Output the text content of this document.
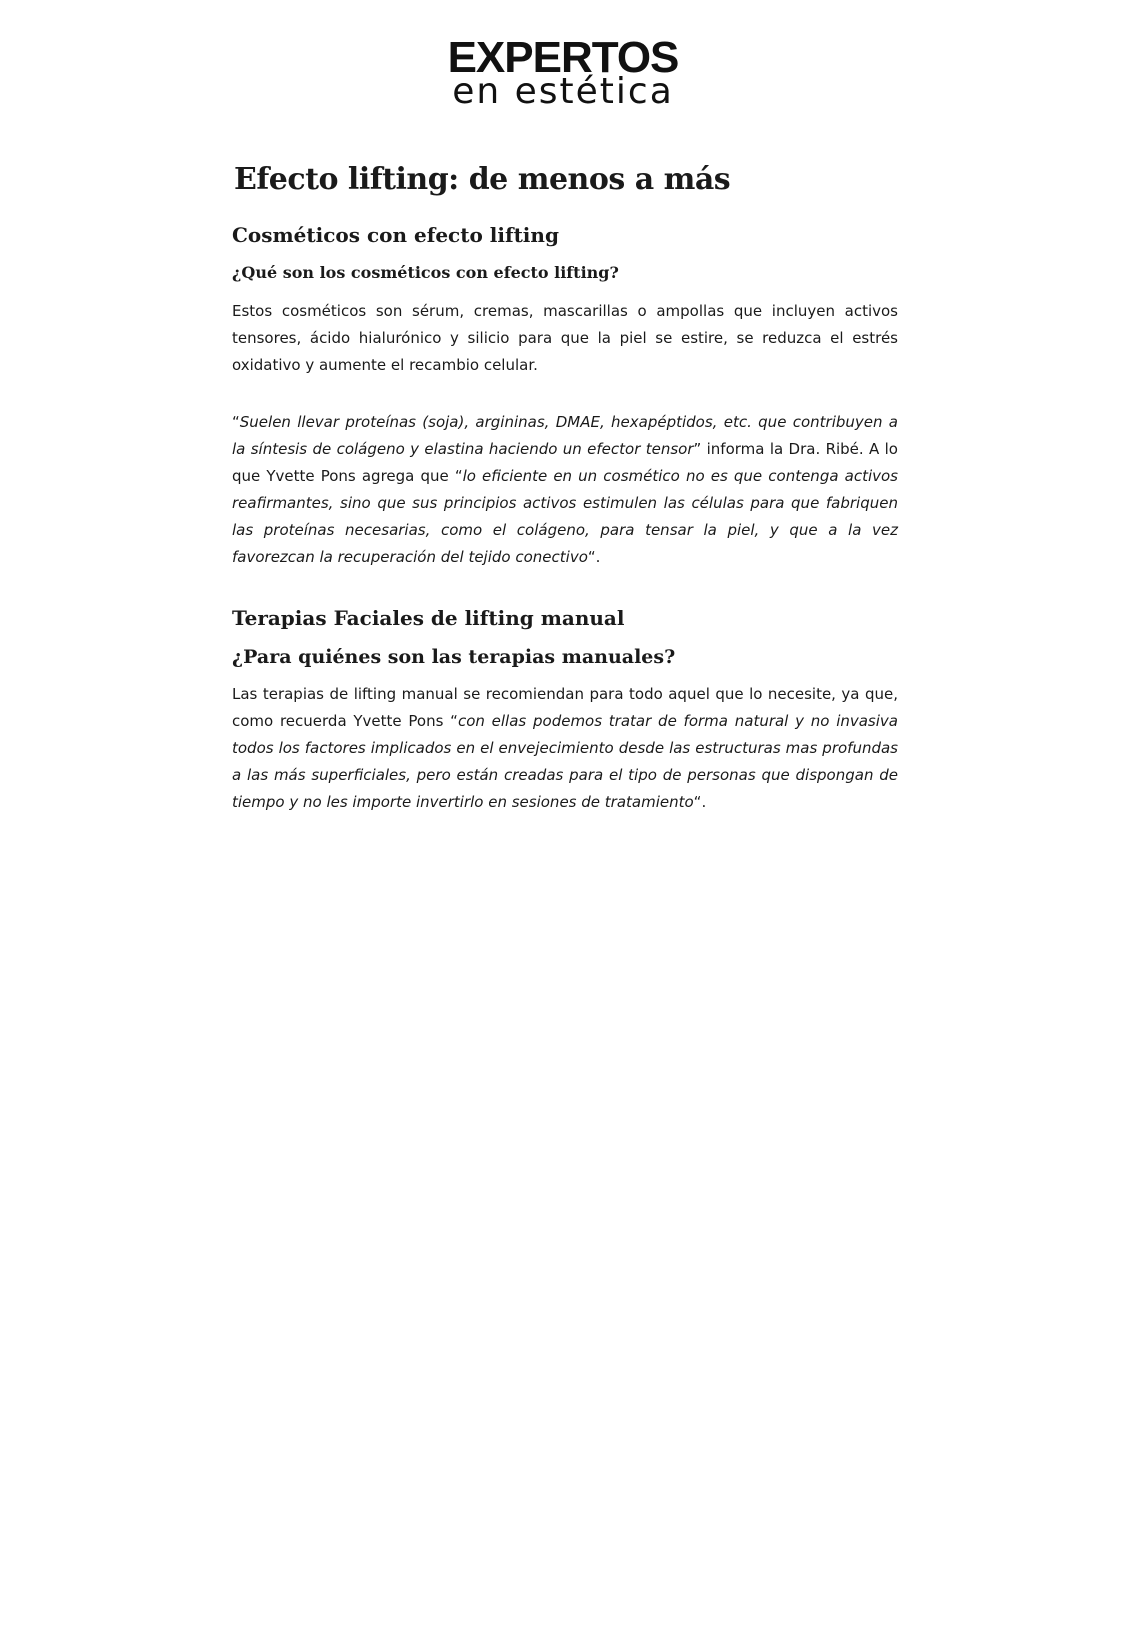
EXPERTOS
en estética
Efecto lifting: de menos a más
Cosméticos con efecto lifting
¿Qué son los cosméticos con efecto lifting?

Estos cosméticos son sérum, cremas, mascarillas o ampollas que incluyen activos tensores, ácido hialurónico y silicio para que la piel se estire, se reduzca el estrés oxidativo y aumente el recambio celular.

“Suelen llevar proteínas (soja), argininas, DMAE, hexapéptidos, etc. que contribuyen a la síntesis de colágeno y elastina haciendo un efector tensor” informa la Dra. Ribé. A lo que Yvette Pons agrega que “lo eficiente en un cosmético no es que contenga activos reafirmantes, sino que sus principios activos estimulen las células para que fabriquen las proteínas necesarias, como el colágeno, para tensar la piel, y que a la vez favorezcan la recuperación del tejido conectivo“.

Terapias Faciales de lifting manual
¿Para quiénes son las terapias manuales?

Las terapias de lifting manual se recomiendan para todo aquel que lo necesite, ya que, como recuerda Yvette Pons “con ellas podemos tratar de forma natural y no invasiva todos los factores implicados en el envejecimiento desde las estructuras mas profundas a las más superficiales, pero están creadas para el tipo de personas que dispongan de tiempo y no les importe invertirlo en sesiones de tratamiento“.
